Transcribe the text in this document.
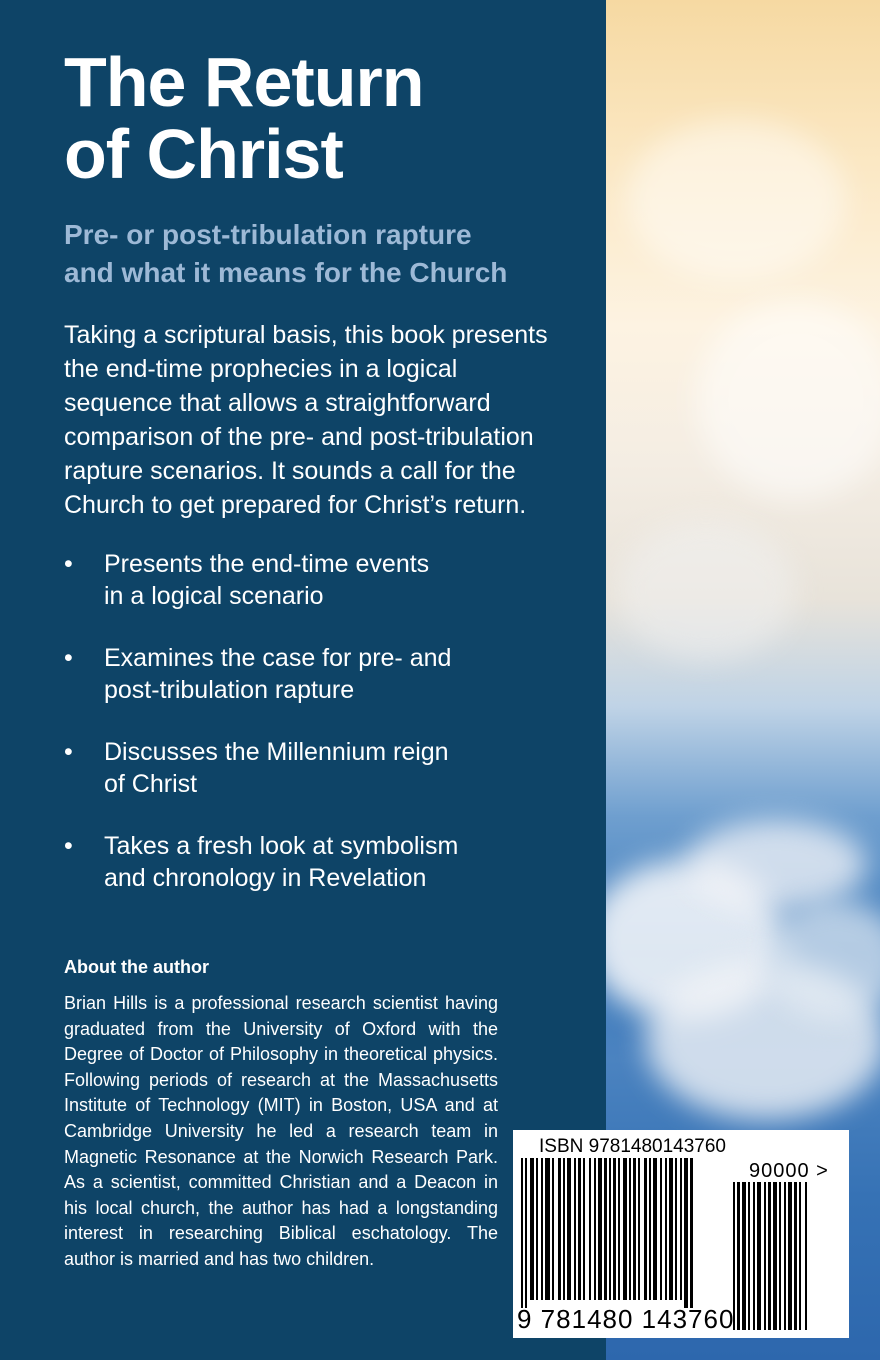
The Return
of Christ
Pre- or post-tribulation rapture
and what it means for the Church

Taking a scriptural basis, this book presents
the end-time prophecies in a logical
sequence that allows a straightforward
comparison of the pre- and post-tribulation
rapture scenarios. It sounds a call for the
Church to get prepared for Christ’s return.

• Presents the end-time events
in a logical scenario
• Examines the case for pre- and
post-tribulation rapture
• Discusses the Millennium reign
of Christ
• Takes a fresh look at symbolism
and chronology in Revelation
About the author

Brian Hills is a professional research scientist having graduated from the University of Oxford with the Degree of Doctor of Philosophy in theoretical physics. Following periods of research at the Massachusetts Institute of Technology (MIT) in Boston, USA and at Cambridge University he led a research team in Magnetic Resonance at the Norwich Research Park. As a scientist, committed Christian and a Deacon in his local church, the author has had a longstanding interest in researching Biblical eschatology. The author is married and has two children.

ISBN 9781480143760
90000 >
9 781480 143760
